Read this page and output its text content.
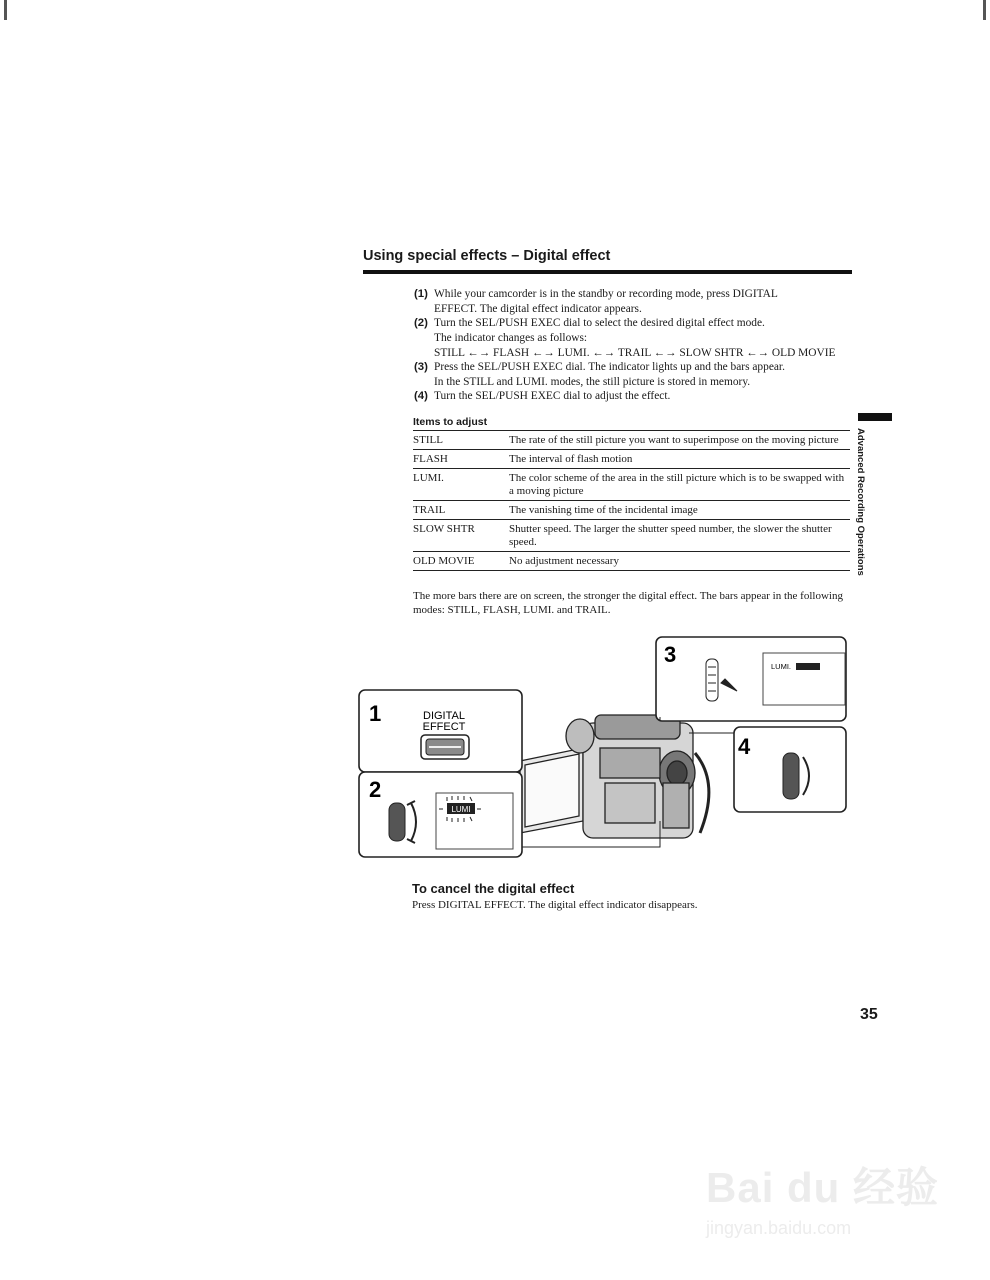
Using special effects – Digital effect
(1) While your camcorder is in the standby or recording mode, press DIGITAL
EFFECT. The digital effect indicator appears.
(2) Turn the SEL/PUSH EXEC dial to select the desired digital effect mode.
The indicator changes as follows:
STILL ←→ FLASH ←→ LUMI. ←→ TRAIL ←→ SLOW SHTR ←→ OLD MOVIE
(3) Press the SEL/PUSH EXEC dial. The indicator lights up and the bars appear.
In the STILL and LUMI. modes, the still picture is stored in memory.
(4) Turn the SEL/PUSH EXEC dial to adjust the effect.
Items to adjust
STILL	The rate of the still picture you want to superimpose on the moving picture
FLASH	The interval of flash motion
LUMI.	The color scheme of the area in the still picture which is to be swapped with a moving picture
TRAIL	The vanishing time of the incidental image
SLOW SHTR	Shutter speed. The larger the shutter speed number, the slower the shutter speed.
OLD MOVIE	No adjustment necessary	Advanced Recording Operations
The more bars there are on screen, the stronger the digital effect. The bars appear in the following modes: STILL, FLASH, LUMI. and TRAIL.
1	DIGITAL
EFFECT
2
LUMI
3	LUMI.
4
To cancel the digital effect
Press DIGITAL EFFECT. The digital effect indicator disappears.
35
Bai du 经验
jingyan.baidu.com
